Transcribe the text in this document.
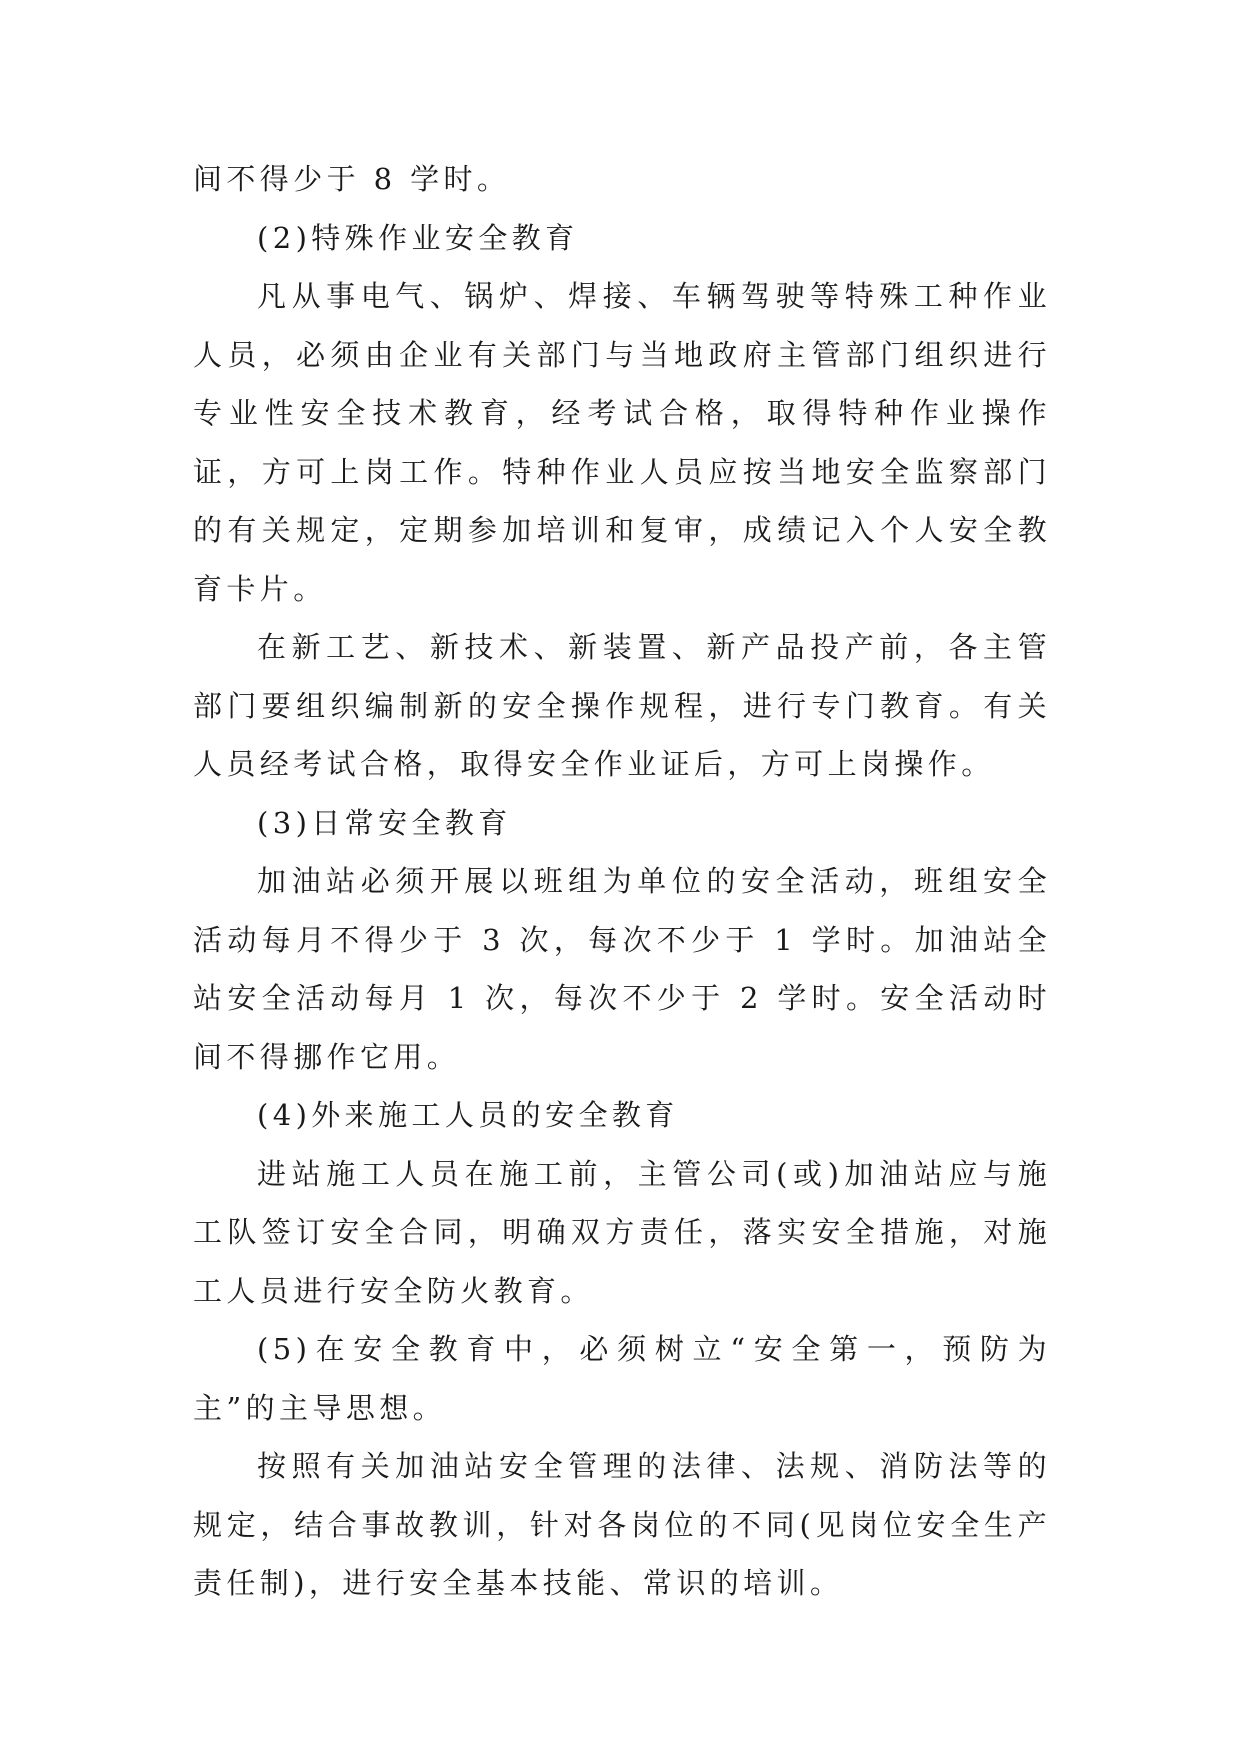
间不得少于 8 学时。

(2)特殊作业安全教育

凡从事电气、锅炉、焊接、车辆驾驶等特殊工种作业人员，必须由企业有关部门与当地政府主管部门组织进行专业性安全技术教育，经考试合格，取得特种作业操作证，方可上岗工作。特种作业人员应按当地安全监察部门的有关规定，定期参加培训和复审，成绩记入个人安全教育卡片。

在新工艺、新技术、新装置、新产品投产前，各主管部门要组织编制新的安全操作规程，进行专门教育。有关人员经考试合格，取得安全作业证后，方可上岗操作。

(3)日常安全教育

加油站必须开展以班组为单位的安全活动，班组安全活动每月不得少于 3 次，每次不少于 1 学时。加油站全站安全活动每月 1 次，每次不少于 2 学时。安全活动时间不得挪作它用。

(4)外来施工人员的安全教育

进站施工人员在施工前，主管公司(或)加油站应与施工队签订安全合同，明确双方责任，落实安全措施，对施工人员进行安全防火教育。

(5)在安全教育中，必须树立“安全第一，预防为主”的主导思想。

按照有关加油站安全管理的法律、法规、消防法等的规定，结合事故教训，针对各岗位的不同(见岗位安全生产责任制)，进行安全基本技能、常识的培训。
